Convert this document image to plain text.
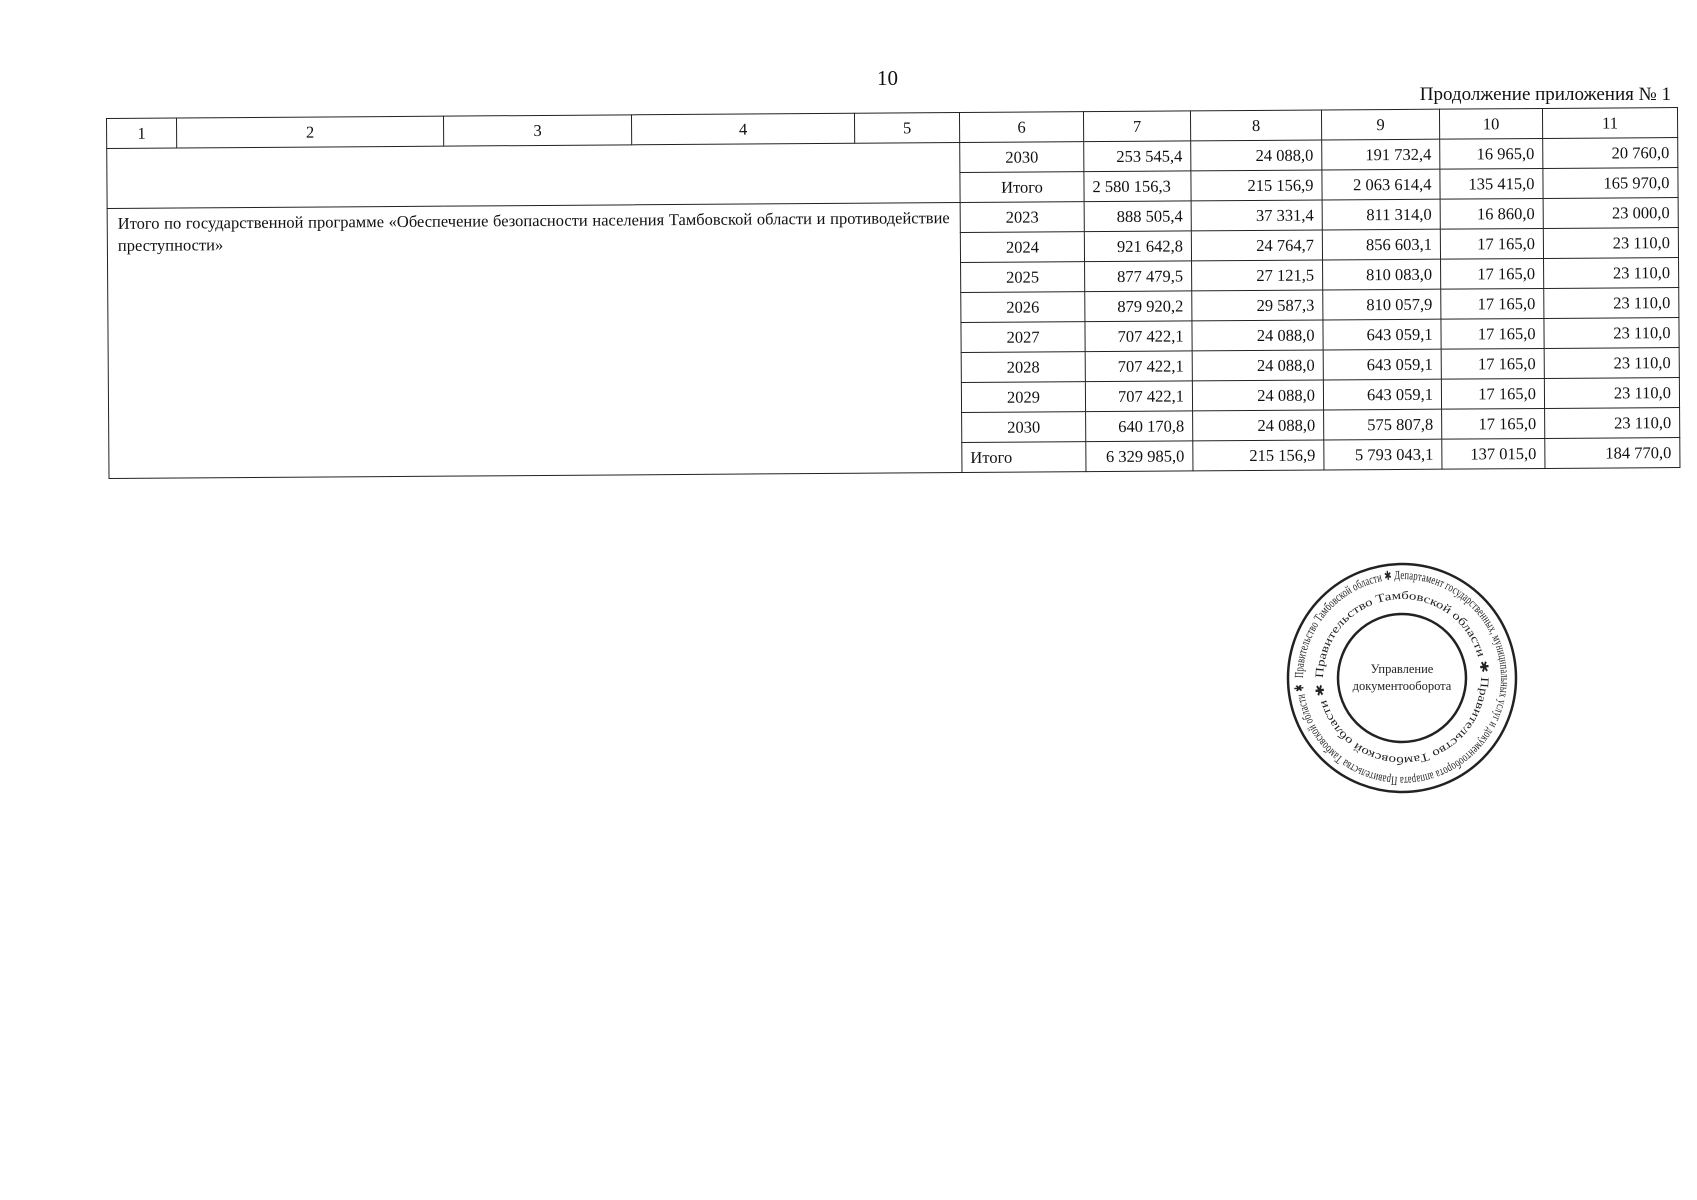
10
Продолжение приложения № 1
1	2	3	4	5	6	7	8	9	10	11
					2030	253 545,4	24 088,0	191 732,4	16 965,0	20 760,0
					Итого	2 580 156,3	215 156,9	2 063 614,4	135 415,0	165 970,0
Итого по государственной программе «Обеспечение безопасности населения Тамбовской области и противодействие преступности»					2023	888 505,4	37 331,4	811 314,0	16 860,0	23 000,0
					2024	921 642,8	24 764,7	856 603,1	17 165,0	23 110,0
					2025	877 479,5	27 121,5	810 083,0	17 165,0	23 110,0
					2026	879 920,2	29 587,3	810 057,9	17 165,0	23 110,0
					2027	707 422,1	24 088,0	643 059,1	17 165,0	23 110,0
					2028	707 422,1	24 088,0	643 059,1	17 165,0	23 110,0
					2029	707 422,1	24 088,0	643 059,1	17 165,0	23 110,0
					2030	640 170,8	24 088,0	575 807,8	17 165,0	23 110,0
					Итого	6 329 985,0	215 156,9	5 793 043,1	137 015,0	184 770,0
Правительство Тамбовской области ✱ Департамент государственных, муниципальных услуг и документооборота аппарата Правительства Тамбовской области ✱
Правительство Тамбовской области ✱ Правительство Тамбовской области ✱
Управление
документооборота
